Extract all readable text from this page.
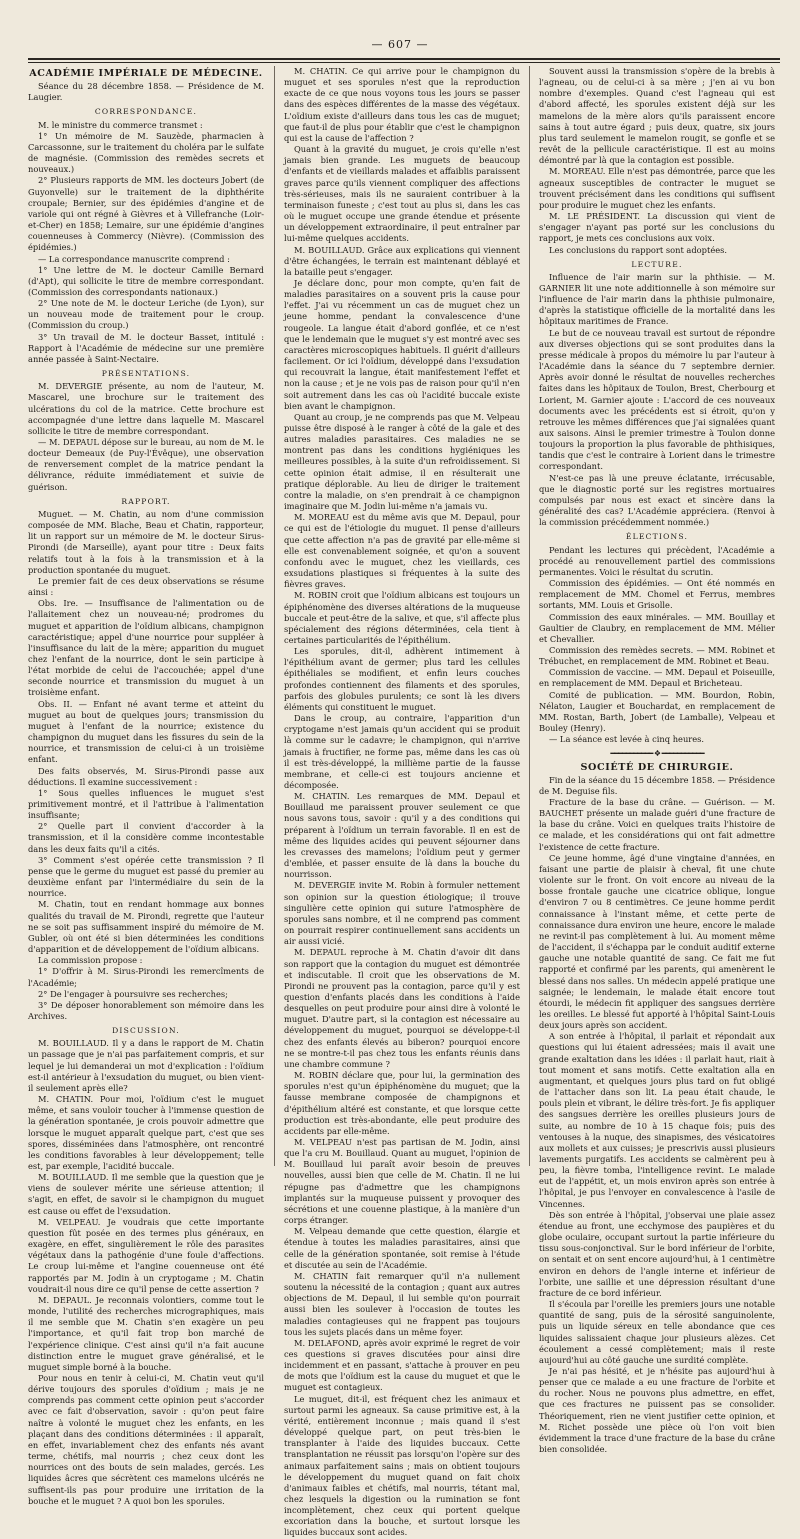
— 607 —
ACADÉMIE IMPÉRIALE DE MÉDECINE.

Séance du 28 décembre 1858. — Présidence de M. Laugier.

CORRESPONDANCE.

M. le ministre du commerce transmet :

1° Un mémoire de M. Sauzède, pharmacien à Carcassonne, sur le traitement du choléra par le sulfate de magnésie. (Commission des remèdes secrets et nouveaux.)

2° Plusieurs rapports de MM. les docteurs Jobert (de Guyonvelle) sur le traitement de la diphthérite croupale; Bernier, sur des épidémies d'angine et de variole qui ont régné à Gièvres et à Villefranche (Loir-et-Cher) en 1858; Lemaire, sur une épidémie d'angines couenneuses à Commercy (Nièvre). (Commission des épidémies.)

— La correspondance manuscrite comprend :

1° Une lettre de M. le docteur Camille Bernard (d'Apt), qui sollicite le titre de membre correspondant. (Commission des correspondants nationaux.)

2° Une note de M. le docteur Leriche (de Lyon), sur un nouveau mode de traitement pour le croup. (Commission du croup.)

3° Un travail de M. le docteur Basset, intitulé : Rapport à l'Académie de médecine sur une première année passée à Saint-Nectaire.

PRÉSENTATIONS.

M. DEVERGIE présente, au nom de l'auteur, M. Mascarel, une brochure sur le traitement des ulcérations du col de la matrice. Cette brochure est accompagnée d'une lettre dans laquelle M. Mascarel sollicite le titre de membre correspondant.

— M. DEPAUL dépose sur le bureau, au nom de M. le docteur Demeaux (de Puy-l'Évêque), une observation de renversement complet de la matrice pendant la délivrance, réduite immédiatement et suivie de guérison.

RAPPORT.

Muguet. — M. Chatin, au nom d'une commission composée de MM. Blache, Beau et Chatin, rapporteur, lit un rapport sur un mémoire de M. le docteur Sirus-Pirondi (de Marseille), ayant pour titre : Deux faits relatifs tout à la fois à la transmission et à la production spontanée du muguet.

Le premier fait de ces deux observations se résume ainsi :

Obs. Ire. — Insuffisance de l'alimentation ou de l'allaitement chez un nouveau-né; prodromes du muguet et apparition de l'oïdium albicans, champignon caractéristique; appel d'une nourrice pour suppléer à l'insuffisance du lait de la mère; apparition du muguet chez l'enfant de la nourrice, dont le sein participe à l'état morbide de celui de l'accouchée; appel d'une seconde nourrice et transmission du muguet à un troisième enfant.

Obs. II. — Enfant né avant terme et atteint du muguet au bout de quelques jours; transmission du muguet à l'enfant de la nourrice; existence du champignon du muguet dans les fissures du sein de la nourrice, et transmission de celui-ci à un troisième enfant.

Des faits observés, M. Sirus-Pirondi passe aux déductions. Il examine successivement :

1° Sous quelles influences le muguet s'est primitivement montré, et il l'attribue à l'alimentation insuffisante;

2° Quelle part il convient d'accorder à la transmission, et il la considère comme incontestable dans les deux faits qu'il a cités.

3° Comment s'est opérée cette transmission ? Il pense que le germe du muguet est passé du premier au deuxième enfant par l'intermédiaire du sein de la nourrice.

M. Chatin, tout en rendant hommage aux bonnes qualités du travail de M. Pirondi, regrette que l'auteur ne se soit pas suffisamment inspiré du mémoire de M. Gubler, où ont été si bien déterminées les conditions d'apparition et de développement de l'oïdium albicans.

La commission propose :

1° D'offrir à M. Sirus-Pirondi les remercîments de l'Académie;

2° De l'engager à poursuivre ses recherches;

3° De déposer honorablement son mémoire dans les Archives.

DISCUSSION.

M. BOUILLAUD. Il y a dans le rapport de M. Chatin un passage que je n'ai pas parfaitement compris, et sur lequel je lui demanderai un mot d'explication : l'oïdium est-il antérieur à l'exsudation du muguet, ou bien vient-il seulement après elle?

M. CHATIN. Pour moi, l'oïdium c'est le muguet même, et sans vouloir toucher à l'immense question de la génération spontanée, je crois pouvoir admettre que lorsque le muguet apparaît quelque part, c'est que ses spores, disséminées dans l'atmosphère, ont rencontré les conditions favorables à leur développement; telle est, par exemple, l'acidité buccale.

M. BOUILLAUD. Il me semble que la question que je viens de soulever mérite une sérieuse attention; il s'agit, en effet, de savoir si le champignon du muguet est cause ou effet de l'exsudation.

M. VELPEAU. Je voudrais que cette importante question fût posée en des termes plus généraux, en exagère, en effet, singulièrement le rôle des parasites végétaux dans la pathogénie d'une foule d'affections. Le croup lui-même et l'angine couenneuse ont été rapportés par M. Jodin à un cryptogame ; M. Chatin voudrait-il nous dire ce qu'il pense de cette assertion ?

M. DEPAUL. Je reconnais volontiers, comme tout le monde, l'utilité des recherches micrographiques, mais il me semble que M. Chatin s'en exagère un peu l'importance, et qu'il fait trop bon marché de l'expérience clinique. C'est ainsi qu'il n'a fait aucune distinction entre le muguet grave généralisé, et le muguet simple borné à la bouche.

Pour nous en tenir à celui-ci, M. Chatin veut qu'il dérive toujours des sporules d'oïdium ; mais je ne comprends pas comment cette opinion peut s'accorder avec ce fait d'observation, savoir : qu'on peut faire naître à volonté le muguet chez les enfants, en les plaçant dans des conditions déterminées : il apparaît, en effet, invariablement chez des enfants nés avant terme, chétifs, mal nourris ; chez ceux dont les nourrices ont des bouts de sein malades, gercés. Les liquides âcres que sécrètent ces mamelons ulcérés ne suffisent-ils pas pour produire une irritation de la bouche et le muguet ? A quoi bon les sporules.

M. CHATIN. Ce qui arrive pour le champignon du muguet et ses sporules n'est que la reproduction exacte de ce que nous voyons tous les jours se passer dans des espèces différentes de la masse des végétaux. L'oïdium existe d'ailleurs dans tous les cas de muguet; que faut-il de plus pour établir que c'est le champignon qui est la cause de l'affection ?

Quant à la gravité du muguet, je crois qu'elle n'est jamais bien grande. Les muguets de beaucoup d'enfants et de vieillards malades et affaiblis paraissent graves parce qu'ils viennent compliquer des affections très-sérieuses, mais ils ne sauraient contribuer à la terminaison funeste ; c'est tout au plus si, dans les cas où le muguet occupe une grande étendue et présente un développement extraordinaire, il peut entraîner par lui-même quelques accidents.

M. BOUILLAUD. Grâce aux explications qui viennent d'être échangées, le terrain est maintenant déblayé et la bataille peut s'engager.

Je déclare donc, pour mon compte, qu'en fait de maladies parasitaires on a souvent pris la cause pour l'effet. J'ai vu récemment un cas de muguet chez un jeune homme, pendant la convalescence d'une rougeole. La langue était d'abord gonflée, et ce n'est que le lendemain que le muguet s'y est montré avec ses caractères microscopiques habituels. Il guérit d'ailleurs facilement. Or ici l'oïdium, développé dans l'exsudation qui recouvrait la langue, était manifestement l'effet et non la cause ; et je ne vois pas de raison pour qu'il n'en soit autrement dans les cas où l'acidité buccale existe bien avant le champignon.

Quant au croup, je ne comprends pas que M. Velpeau puisse être disposé à le ranger à côté de la gale et des autres maladies parasitaires. Ces maladies ne se montrent pas dans les conditions hygiéniques les meilleures possibles, à la suite d'un refroidissement. Si cette opinion était admise, il en résulterait une pratique déplorable. Au lieu de diriger le traitement contre la maladie, on s'en prendrait à ce champignon imaginaire que M. Jodin lui-même n'a jamais vu.

M. MOREAU est du même avis que M. Depaul, pour ce qui est de l'étiologie du muguet. Il pense d'ailleurs que cette affection n'a pas de gravité par elle-même si elle est convenablement soignée, et qu'on a souvent confondu avec le muguet, chez les vieillards, ces exsudations plastiques si fréquentes à la suite des fièvres graves.

M. ROBIN croit que l'oïdium albicans est toujours un épiphénomène des diverses altérations de la muqueuse buccale et peut-être de la salive, et que, s'il affecte plus spécialement des régions déterminées, cela tient à certaines particularités de l'épithélium.

Les sporules, dit-il, adhèrent intimement à l'épithélium avant de germer; plus tard les cellules épithéliales se modifient, et enfin leurs couches profondes contiennent des filaments et des sporules, parfois des globules purulents; ce sont là les divers éléments qui constituent le muguet.

Dans le croup, au contraire, l'apparition d'un cryptogame n'est jamais qu'un accident qui se produit là comme sur le cadavre; le champignon, qui n'arrive jamais à fructifier, ne forme pas, même dans les cas où il est très-développé, la millième partie de la fausse membrane, et celle-ci est toujours ancienne et décomposée.

M. CHATIN. Les remarques de MM. Depaul et Bouillaud me paraissent prouver seulement ce que nous savons tous, savoir : qu'il y a des conditions qui préparent à l'oïdium un terrain favorable. Il en est de même des liquides acides qui peuvent séjourner dans les crevasses des mamelons; l'oïdium peut y germer d'emblée, et passer ensuite de là dans la bouche du nourrisson.

M. DEVERGIE invite M. Robin à formuler nettement son opinion sur la question étiologique; il trouve singulière cette opinion qui suture l'atmosphère de sporules sans nombre, et il ne comprend pas comment on pourrait respirer continuellement sans accidents un air aussi vicié.

M. DEPAUL reproche à M. Chatin d'avoir dit dans son rapport que la contagion du muguet est démontrée et indiscutable. Il croit que les observations de M. Pirondi ne prouvent pas la contagion, parce qu'il y est question d'enfants placés dans les conditions à l'aide desquelles on peut produire pour ainsi dire à volonté le muguet. D'autre part, si la contagion est nécessaire au développement du muguet, pourquoi se développe-t-il chez des enfants élevés au biberon? pourquoi encore ne se montre-t-il pas chez tous les enfants réunis dans une chambre commune ?

M. ROBIN déclare que, pour lui, la germination des sporules n'est qu'un épiphénomène du muguet; que la fausse membrane composée de champignons et d'épithélium altéré est constante, et que lorsque cette production est très-abondante, elle peut produire des accidents par elle-même.

M. VELPEAU n'est pas partisan de M. Jodin, ainsi que l'a cru M. Bouillaud. Quant au muguet, l'opinion de M. Bouillaud lui paraît avoir besoin de preuves nouvelles, aussi bien que celle de M. Chatin. Il ne lui répugne pas d'admettre que les champignons implantés sur la muqueuse puissent y provoquer des sécrétions et une couenne plastique, à la manière d'un corps étranger.

M. Velpeau demande que cette question, élargie et étendue à toutes les maladies parasitaires, ainsi que celle de la génération spontanée, soit remise à l'étude et discutée au sein de l'Académie.

M. CHATIN fait remarquer qu'il n'a nullement soutenu la nécessité de la contagion ; quant aux autres objections de M. Depaul, il lui semble qu'on pourrait aussi bien les soulever à l'occasion de toutes les maladies contagieuses qui ne frappent pas toujours tous les sujets placés dans un même foyer.

M. DELAFOND, après avoir exprimé le regret de voir ces questions si graves discutées pour ainsi dire incidemment et en passant, s'attache à prouver en peu de mots que l'oïdium est la cause du muguet et que le muguet est contagieux.

Le muguet, dit-il, est fréquent chez les animaux et surtout parmi les agneaux. Sa cause primitive est, à la vérité, entièrement inconnue ; mais quand il s'est développé quelque part, on peut très-bien le transplanter à l'aide des liquides buccaux. Cette transplantation ne réussit pas lorsqu'on l'opère sur des animaux parfaitement sains ; mais on obtient toujours le développement du muguet quand on fait choix d'animaux faibles et chétifs, mal nourris, tétant mal, chez lesquels la digestion ou la rumination se font incomplètement, chez ceux qui portent quelque excoriation dans la bouche, et surtout lorsque les liquides buccaux sont acides.

Souvent aussi la transmission s'opère de la brebis à l'agneau, ou de celui-ci à sa mère ; j'en ai vu bon nombre d'exemples. Quand c'est l'agneau qui est d'abord affecté, les sporules existent déjà sur les mamelons de la mère alors qu'ils paraissent encore sains à tout autre égard ; puis deux, quatre, six jours plus tard seulement le mamelon rougit, se gonfle et se revêt de la pellicule caractéristique. Il est au moins démontré par là que la contagion est possible.

M. MOREAU. Elle n'est pas démontrée, parce que les agneaux susceptibles de contracter le muguet se trouvent précisément dans les conditions qui suffisent pour produire le muguet chez les enfants.

M. LE PRÉSIDENT. La discussion qui vient de s'engager n'ayant pas porté sur les conclusions du rapport, je mets ces conclusions aux voix.

Les conclusions du rapport sont adoptées.

LECTURE.

Influence de l'air marin sur la phthisie. — M. GARNIER lit une note additionnelle à son mémoire sur l'influence de l'air marin dans la phthisie pulmonaire, d'après la statistique officielle de la mortalité dans les hôpitaux maritimes de France.

Le but de ce nouveau travail est surtout de répondre aux diverses objections qui se sont produites dans la presse médicale à propos du mémoire lu par l'auteur à l'Académie dans la séance du 7 septembre dernier. Après avoir donné le résultat de nouvelles recherches faites dans les hôpitaux de Toulon, Brest, Cherbourg et Lorient, M. Garnier ajoute : L'accord de ces nouveaux documents avec les précédents est si étroit, qu'on y retrouve les mêmes différences que j'ai signalées quant aux saisons. Ainsi le premier trimestre à Toulon donne toujours la proportion la plus favorable de phthisiques, tandis que c'est le contraire à Lorient dans le trimestre correspondant.

N'est-ce pas là une preuve éclatante, irrécusable, que le diagnostic porté sur les registres mortuaires compulsés par nous est exact et sincère dans la généralité des cas? L'Académie appréciera. (Renvoi à la commission précédemment nommée.)

ÉLECTIONS.

Pendant les lectures qui précèdent, l'Académie a procédé au renouvellement partiel des commissions permanentes. Voici le résultat du scrutin.

Commission des épidémies. — Ont été nommés en remplacement de MM. Chomel et Ferrus, membres sortants, MM. Louis et Grisolle.

Commission des eaux minérales. — MM. Bouillay et Gaultier de Claubry, en remplacement de MM. Mélier et Chevallier.

Commission des remèdes secrets. — MM. Robinet et Trébuchet, en remplacement de MM. Robinet et Beau.

Commission de vaccine. — MM. Depaul et Poiseuille, en remplacement de MM. Depaul et Bricheteau.

Comité de publication. — MM. Bourdon, Robin, Nélaton, Laugier et Bouchardat, en remplacement de MM. Rostan, Barth, Jobert (de Lamballe), Velpeau et Bouley (Henry).

— La séance est levée à cinq heures.

━━━━━━━━━━━ ❖ ━━━━━━━━━━━
SOCIÉTÉ DE CHIRURGIE.

Fin de la séance du 15 décembre 1858. — Présidence de M. Deguise fils.

Fracture de la base du crâne. — Guérison. — M. BAUCHET présente un malade guéri d'une fracture de la base du crâne. Voici en quelques traits l'histoire de ce malade, et les considérations qui ont fait admettre l'existence de cette fracture.

Ce jeune homme, âgé d'une vingtaine d'années, en faisant une partie de plaisir à cheval, fit une chute violente sur le front. On voit encore au niveau de la bosse frontale gauche une cicatrice oblique, longue d'environ 7 ou 8 centimètres. Ce jeune homme perdit connaissance à l'instant même, et cette perte de connaissance dura environ une heure, encore le malade ne revint-il pas complètement à lui. Au moment même de l'accident, il s'échappa par le conduit auditif externe gauche une notable quantité de sang. Ce fait me fut rapporté et confirmé par les parents, qui amenèrent le blessé dans nos salles. Un médecin appelé pratique une saignée; le lendemain, le malade était encore tout étourdi, le médecin fit appliquer des sangsues derrière les oreilles. Le blessé fut apporté à l'hôpital Saint-Louis deux jours après son accident.

A son entrée à l'hôpital, il parlait et répondait aux questions qui lui étaient adressées; mais il avait une grande exaltation dans les idées : il parlait haut, riait à tout moment et sans motifs. Cette exaltation alla en augmentant, et quelques jours plus tard on fut obligé de l'attacher dans son lit. La peau était chaude, le pouls plein et vibrant, le délire très-fort. Je fis appliquer des sangsues derrière les oreilles plusieurs jours de suite, au nombre de 10 à 15 chaque fois; puis des ventouses à la nuque, des sinapismes, des vésicatoires aux mollets et aux cuisses; je prescrivis aussi plusieurs lavements purgatifs. Les accidents se calmèrent peu à peu, la fièvre tomba, l'intelligence revint. Le malade eut de l'appétit, et, un mois environ après son entrée à l'hôpital, je pus l'envoyer en convalescence à l'asile de Vincennes.

Dès son entrée à l'hôpital, j'observai une plaie assez étendue au front, une ecchymose des paupières et du globe oculaire, occupant surtout la partie inférieure du tissu sous-conjonctival. Sur le bord inférieur de l'orbite, on sentait et on sent encore aujourd'hui, à 1 centimètre environ en dehors de l'angle interne et inférieur de l'orbite, une saillie et une dépression résultant d'une fracture de ce bord inférieur.

Il s'écoula par l'oreille les premiers jours une notable quantité de sang, puis de la sérosité sanguinolente, puis un liquide séreux en telle abondance que ces liquides salissaient chaque jour plusieurs alèzes. Cet écoulement a cessé complètement; mais il reste aujourd'hui au côté gauche une surdité complète.

Je n'ai pas hésité, et je n'hésite pas aujourd'hui à penser que ce malade a eu une fracture de l'orbite et du rocher. Nous ne pouvons plus admettre, en effet, que ces fractures ne puissent pas se consolider. Théoriquement, rien ne vient justifier cette opinion, et M. Richet possède une pièce où l'on voit bien évidemment la trace d'une fracture de la base du crâne bien consolidée.
